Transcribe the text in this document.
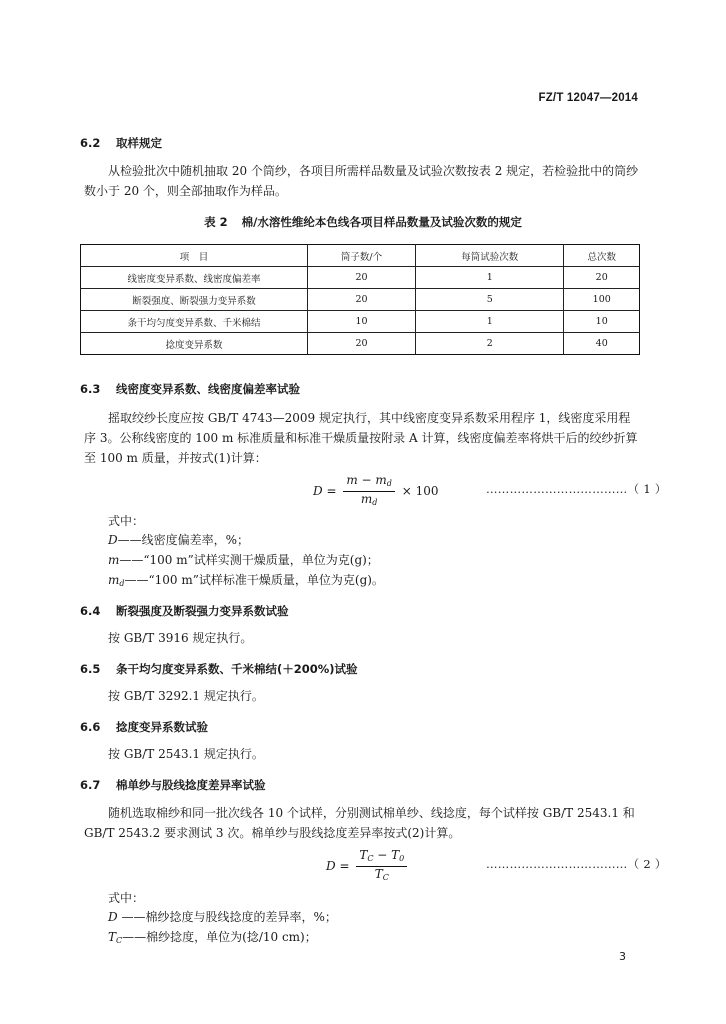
FZ/T 12047—2014
6.2 取样规定
从检验批次中随机抽取 20 个筒纱，各项目所需样品数量及试验次数按表 2 规定，若检验批中的筒纱数小于 20 个，则全部抽取作为样品。
表 2 棉/水溶性维纶本色线各项目样品数量及试验次数的规定
项　目	筒子数/个	每筒试验次数	总次数
线密度变异系数、线密度偏差率	20	1	20
断裂强度、断裂强力变异系数	20	5	100
条干均匀度变异系数、千米棉结	10	1	10
捻度变异系数	20	2	40
6.3 线密度变异系数、线密度偏差率试验
摇取绞纱长度应按 GB/T 4743—2009 规定执行，其中线密度变异系数采用程序 1，线密度采用程序 3。公称线密度的 100 m 标准质量和标准干燥质量按附录 A 计算，线密度偏差率将烘干后的绞纱折算至 100 m 质量，并按式(1)计算：
$D = \frac{m - m_d}{m_d} \times 100$	………………………………（ 1 ）
式中：
D——线密度偏差率，%；
m——“100 m”试样实测干燥质量，单位为克(g)；
$m_d——“100$ m”试样标准干燥质量，单位为克(g)。
6.4 断裂强度及断裂强力变异系数试验
按 GB/T 3916 规定执行。
6.5 条干均匀度变异系数、千米棉结(＋200%)试验
按 GB/T 3292.1 规定执行。
6.6 捻度变异系数试验
按 GB/T 2543.1 规定执行。
6.7 棉单纱与股线捻度差异率试验
随机选取棉纱和同一批次线各 10 个试样，分别测试棉单纱、线捻度，每个试样按 GB/T 2543.1 和 GB/T 2543.2 要求测试 3 次。棉单纱与股线捻度差异率按式(2)计算。
$D = \frac{T_C - T_0}{T_C}$	………………………………（ 2 ）
式中：
D ——棉纱捻度与股线捻度的差异率，%；
$T_C——$棉纱捻度，单位为(捻/10 cm)；
3
